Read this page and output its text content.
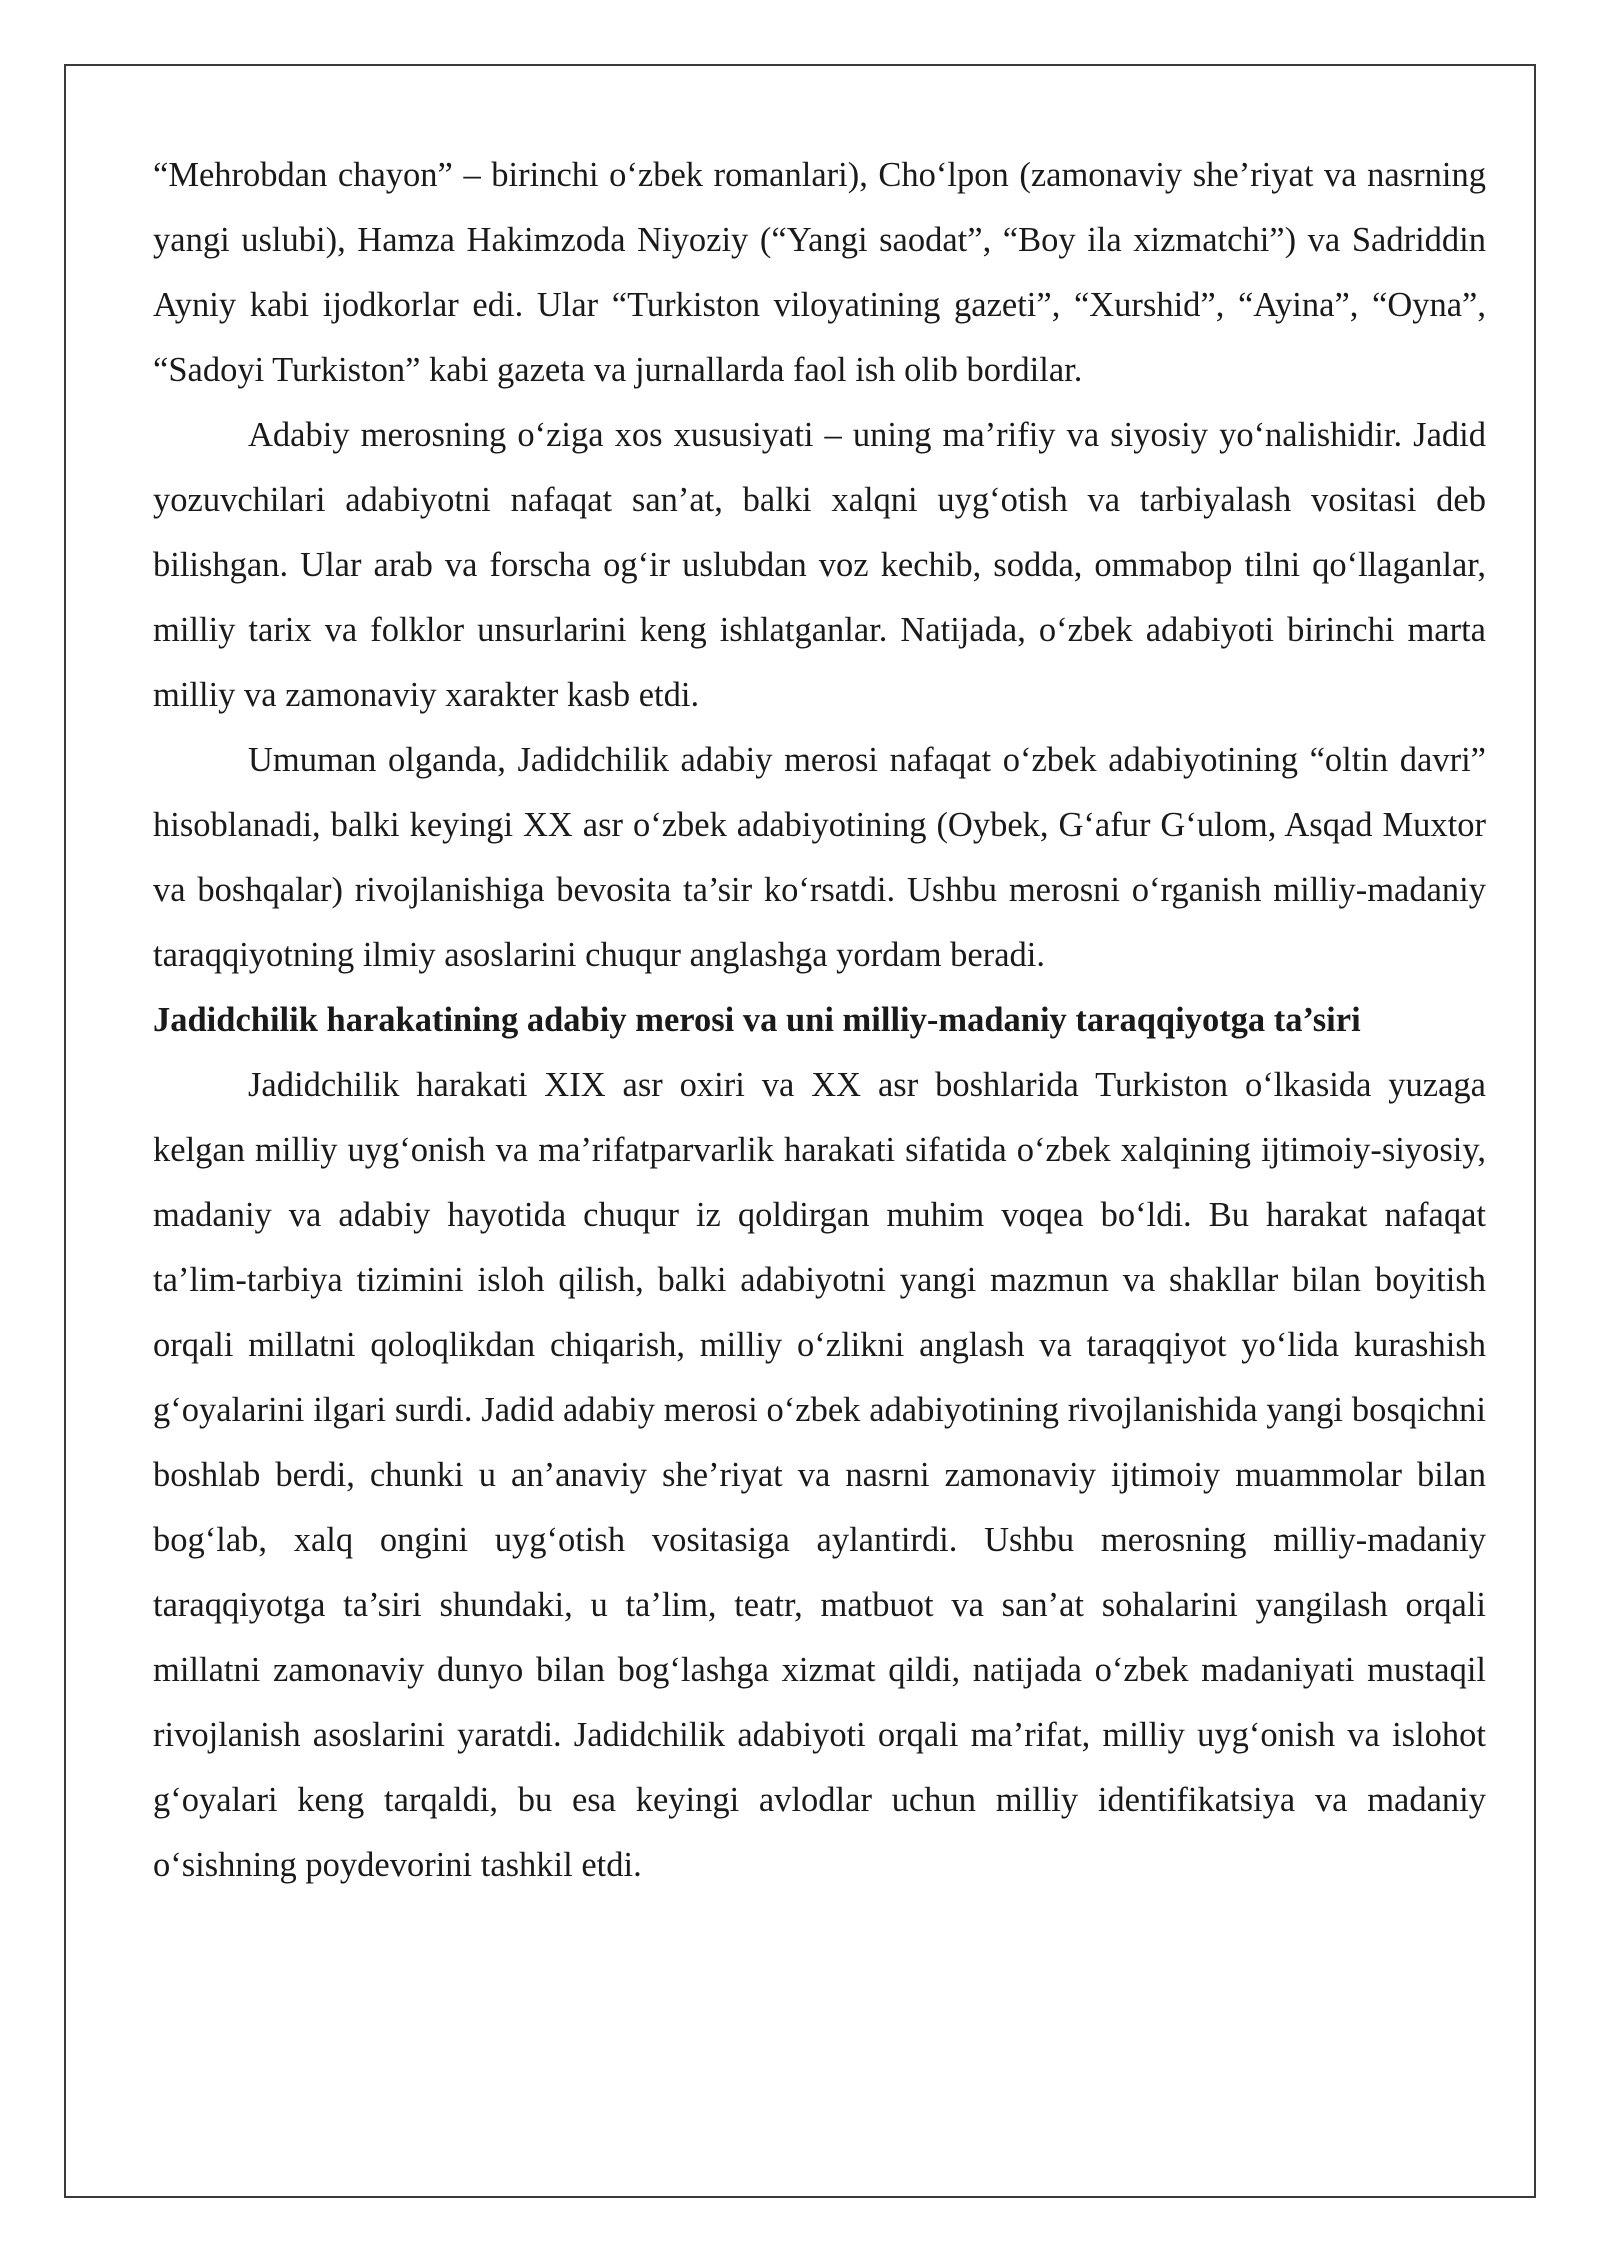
“Mehrobdan chayon” – birinchi o‘zbek romanlari), Cho‘lpon (zamonaviy she’riyat va nasrning yangi uslubi), Hamza Hakimzoda Niyoziy (“Yangi saodat”, “Boy ila xizmatchi”) va Sadriddin Ayniy kabi ijodkorlar edi. Ular “Turkiston viloyatining gazeti”, “Xurshid”, “Ayina”, “Oyna”, “Sadoyi Turkiston” kabi gazeta va jurnallarda faol ish olib bordilar.

Adabiy merosning o‘ziga xos xususiyati – uning ma’rifiy va siyosiy yo‘nalishidir. Jadid yozuvchilari adabiyotni nafaqat san’at, balki xalqni uyg‘otish va tarbiyalash vositasi deb bilishgan. Ular arab va forscha og‘ir uslubdan voz kechib, sodda, ommabop tilni qo‘llaganlar, milliy tarix va folklor unsurlarini keng ishlatganlar. Natijada, o‘zbek adabiyoti birinchi marta milliy va zamonaviy xarakter kasb etdi.

Umuman olganda, Jadidchilik adabiy merosi nafaqat o‘zbek adabiyotining “oltin davri” hisoblanadi, balki keyingi XX asr o‘zbek adabiyotining (Oybek, G‘afur G‘ulom, Asqad Muxtor va boshqalar) rivojlanishiga bevosita ta’sir ko‘rsatdi. Ushbu merosni o‘rganish milliy-madaniy taraqqiyotning ilmiy asoslarini chuqur anglashga yordam beradi.

Jadidchilik harakatining adabiy merosi va uni milliy-madaniy taraqqiyotga ta’siri

Jadidchilik harakati XIX asr oxiri va XX asr boshlarida Turkiston o‘lkasida yuzaga kelgan milliy uyg‘onish va ma’rifatparvarlik harakati sifatida o‘zbek xalqining ijtimoiy-siyosiy, madaniy va adabiy hayotida chuqur iz qoldirgan muhim voqea bo‘ldi. Bu harakat nafaqat ta’lim-tarbiya tizimini isloh qilish, balki adabiyotni yangi mazmun va shakllar bilan boyitish orqali millatni qoloqlikdan chiqarish, milliy o‘zlikni anglash va taraqqiyot yo‘lida kurashish g‘oyalarini ilgari surdi. Jadid adabiy merosi o‘zbek adabiyotining rivojlanishida yangi bosqichni boshlab berdi, chunki u an’anaviy she’riyat va nasrni zamonaviy ijtimoiy muammolar bilan bog‘lab, xalq ongini uyg‘otish vositasiga aylantirdi. Ushbu merosning milliy-madaniy taraqqiyotga ta’siri shundaki, u ta’lim, teatr, matbuot va san’at sohalarini yangilash orqali millatni zamonaviy dunyo bilan bog‘lashga xizmat qildi, natijada o‘zbek madaniyati mustaqil rivojlanish asoslarini yaratdi. Jadidchilik adabiyoti orqali ma’rifat, milliy uyg‘onish va islohot g‘oyalari keng tarqaldi, bu esa keyingi avlodlar uchun milliy identifikatsiya va madaniy o‘sishning poydevorini tashkil etdi.
